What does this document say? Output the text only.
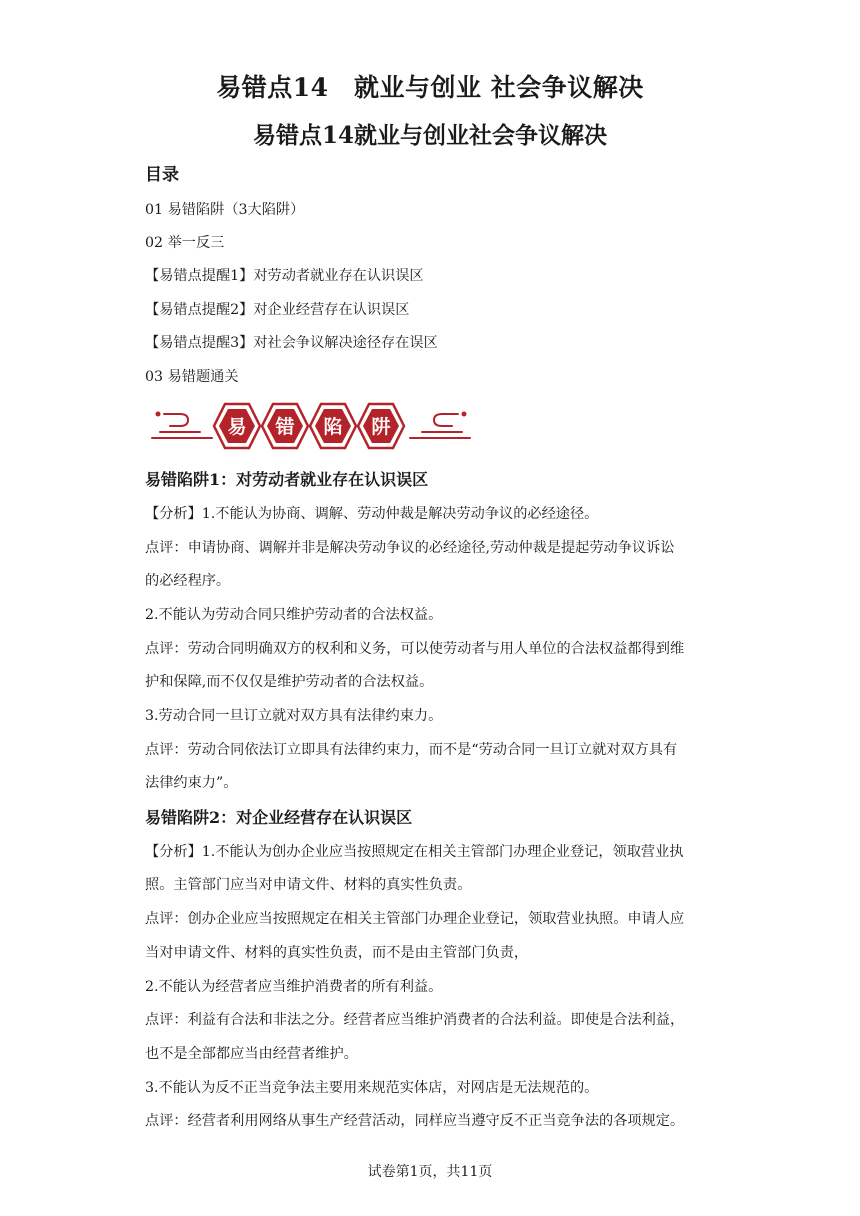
易错点14　就业与创业 社会争议解决
易错点14就业与创业社会争议解决
目录
01 易错陷阱（3大陷阱）
02 举一反三
【易错点提醒1】对劳动者就业存在认识误区
【易错点提醒2】对企业经营存在认识误区
【易错点提醒3】对社会争议解决途径存在误区
03 易错题通关
易 错 陷 阱
易错陷阱1：对劳动者就业存在认识误区
【分析】1.不能认为协商、调解、劳动仲裁是解决劳动争议的必经途径。
点评：申请协商、调解并非是解决劳动争议的必经途径,劳动仲裁是提起劳动争议诉讼
的必经程序。
2.不能认为劳动合同只维护劳动者的合法权益。
点评：劳动合同明确双方的权利和义务，可以使劳动者与用人单位的合法权益都得到维
护和保障,而不仅仅是维护劳动者的合法权益。
3.劳动合同一旦订立就对双方具有法律约束力。
点评：劳动合同依法订立即具有法律约束力，而不是“劳动合同一旦订立就对双方具有
法律约束力”。
易错陷阱2：对企业经营存在认识误区
【分析】1.不能认为创办企业应当按照规定在相关主管部门办理企业登记，领取营业执
照。主管部门应当对申请文件、材料的真实性负责。
点评：创办企业应当按照规定在相关主管部门办理企业登记，领取营业执照。申请人应
当对申请文件、材料的真实性负责，而不是由主管部门负责，
2.不能认为经营者应当维护消费者的所有利益。
点评：利益有合法和非法之分。经营者应当维护消费者的合法利益。即使是合法利益，
也不是全部都应当由经营者维护。
3.不能认为反不正当竞争法主要用来规范实体店，对网店是无法规范的。
点评：经营者利用网络从事生产经营活动，同样应当遵守反不正当竞争法的各项规定。
试卷第1页，共11页
